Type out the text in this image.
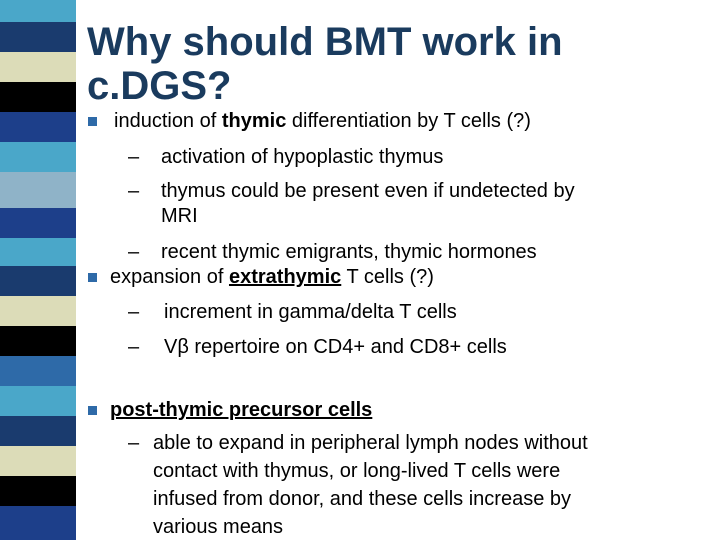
Why should BMT work in c.DGS?
induction of thymic differentiation by T cells (?)
– activation of hypoplastic thymus
– thymus could be present even if undetected by
MRI
– recent thymic emigrants, thymic hormones
expansion of extrathymic T cells (?)
– increment in gamma/delta T cells
– Vβ repertoire on CD4+ and CD8+ cells
post-thymic precursor cells
– able to expand in peripheral lymph nodes without
contact with thymus, or long-lived T cells were
infused from donor, and these cells increase by
various means
